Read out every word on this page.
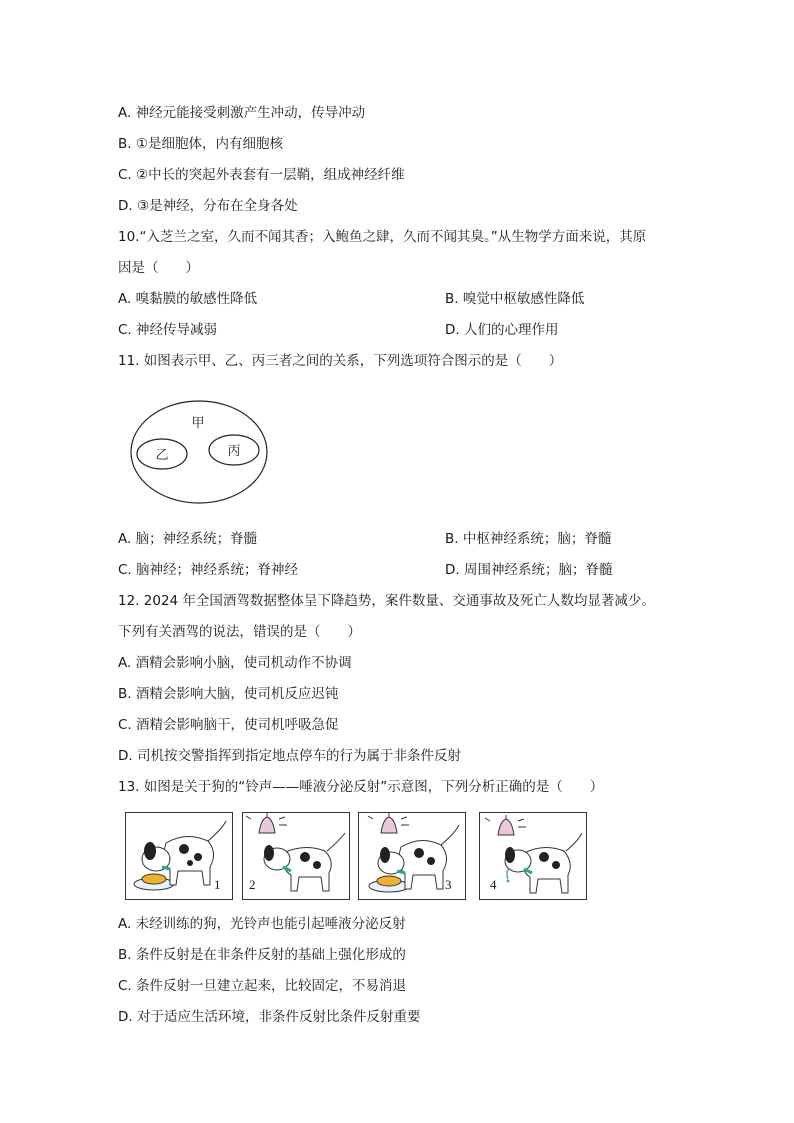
A. 神经元能接受刺激产生冲动，传导冲动
B. ①是细胞体，内有细胞核
C. ②中长的突起外表套有一层鞘，组成神经纤维
D. ③是神经，分布在全身各处
10.“入芝兰之室，久而不闻其香；入鲍鱼之肆，久而不闻其臭。”从生物学方面来说，其原
因是（　　）
A. 嗅黏膜的敏感性降低	B. 嗅觉中枢敏感性降低
C. 神经传导减弱	D. 人们的心理作用
11. 如图表示甲、乙、丙三者之间的关系，下列选项符合图示的是（　　）
甲
乙	丙
A. 脑；神经系统；脊髓	B. 中枢神经系统；脑；脊髓
C. 脑神经；神经系统；脊神经	D. 周围神经系统；脑；脊髓
12. 2024 年全国酒驾数据整体呈下降趋势，案件数量、交通事故及死亡人数均显著减少。
下列有关酒驾的说法，错误的是（　　）
A. 酒精会影响小脑，使司机动作不协调
B. 酒精会影响大脑，使司机反应迟钝
C. 酒精会影响脑干，使司机呼吸急促
D. 司机按交警指挥到指定地点停车的行为属于非条件反射
13. 如图是关于狗的“铃声——唾液分泌反射”示意图，下列分析正确的是（　　）
1 2	3	4
A. 未经训练的狗，光铃声也能引起唾液分泌反射
B. 条件反射是在非条件反射的基础上强化形成的
C. 条件反射一旦建立起来，比较固定，不易消退
D. 对于适应生活环境，非条件反射比条件反射重要
